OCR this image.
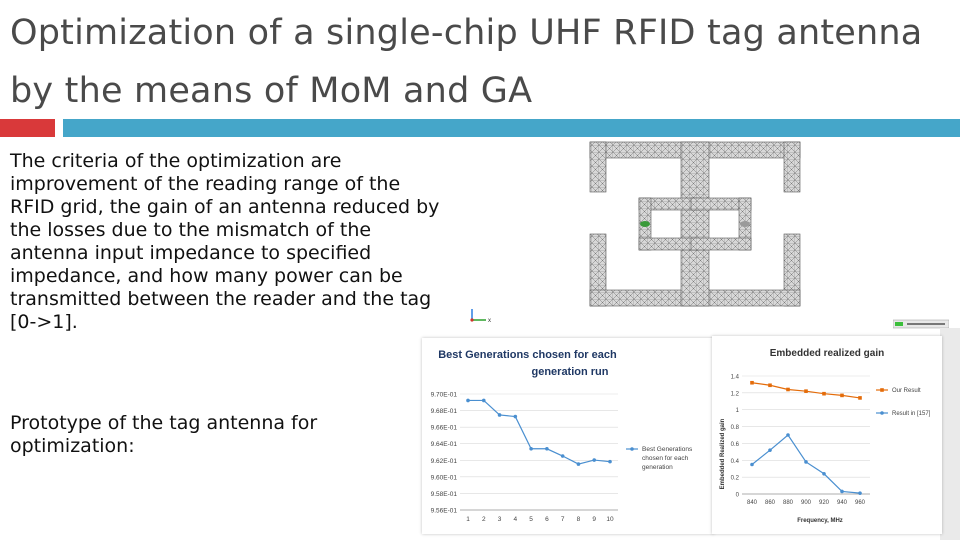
Optimization of a single-chip UHF RFID tag antenna by the means of MoM and GA
The criteria of the optimization are improvement of the reading range of the RFID grid, the gain of an antenna reduced by the losses due to the mismatch of the antenna input impedance to specified impedance, and how many power can be transmitted between the reader and the tag [0->1].
Prototype of the tag antenna for optimization:
x
Best Generations chosen for each generation run
9.70E-01
9.68E-01
9.66E-01
9.64E-01
9.62E-01
9.60E-01
9.58E-01
9.56E-01
1 2 3 4 5 6 7 8 9 10
Best Generations chosen for each generation
Embedded realized gain
Embedded Realized gain
Frequency, MHz
1.4
1.2
1
0.8
0.6
0.4
0.2
0
840 860 880 900 920 940 960
Our Result
Result in [157]
